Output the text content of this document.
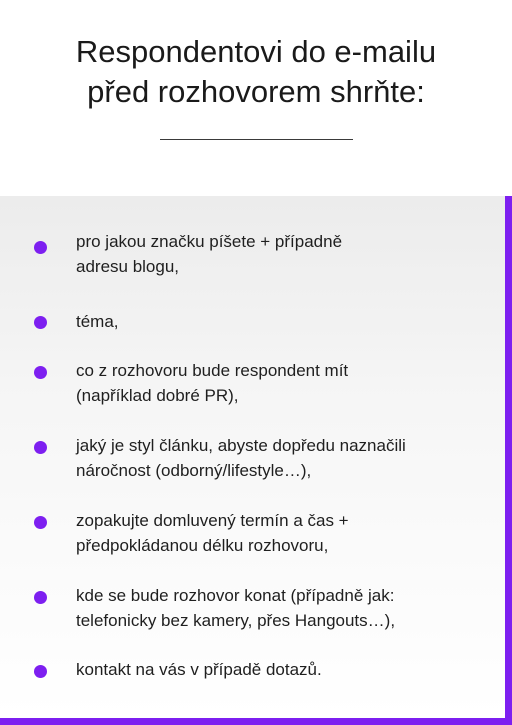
Respondentovi do e-mailu
před rozhovorem shrňte:
pro jakou značku píšete + případně
adresu blogu,
téma,
co z rozhovoru bude respondent mít
(například dobré PR),
jaký je styl článku, abyste dopředu naznačili
náročnost (odborný/lifestyle…),
zopakujte domluvený termín a čas +
předpokládanou délku rozhovoru,
kde se bude rozhovor konat (případně jak:
telefonicky bez kamery, přes Hangouts…),
kontakt na vás v případě dotazů.
